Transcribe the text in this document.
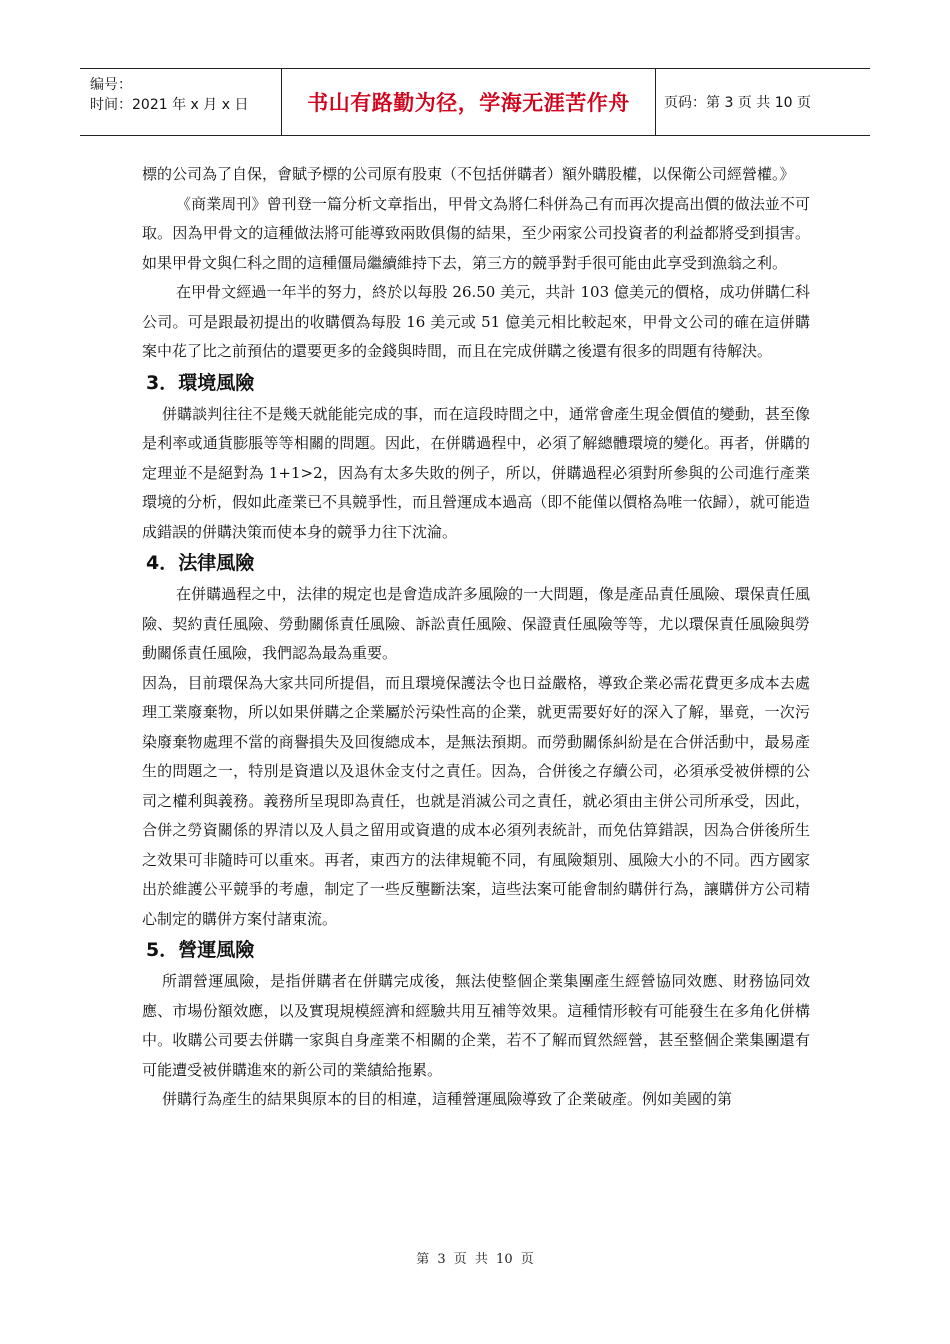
编号：
时间：2021 年 x 月 x 日	书山有路勤为径，学海无涯苦作舟	页码：第 3 页 共 10 页

標的公司為了自保，會賦予標的公司原有股東（不包括併購者）額外購股權，以保衛公司經營權。》

《商業周刊》曾刊登一篇分析文章指出，甲骨文為將仁科併為己有而再次提高出價的做法並不可取。因為甲骨文的這種做法將可能導致兩敗俱傷的結果，至少兩家公司投資者的利益都將受到損害。如果甲骨文與仁科之間的這種僵局繼續維持下去，第三方的競爭對手很可能由此享受到漁翁之利。

在甲骨文經過一年半的努力，終於以每股 26.50 美元，共計 103 億美元的價格，成功併購仁科公司。可是跟最初提出的收購價為每股 16 美元或 51 億美元相比較起來，甲骨文公司的確在這併購案中花了比之前預估的還要更多的金錢與時間，而且在完成併購之後還有很多的問題有待解決。

3．環境風險

併購談判往往不是幾天就能能完成的事，而在這段時間之中，通常會產生現金價值的變動，甚至像是利率或通貨膨脹等等相關的問題。因此，在併購過程中，必須了解總體環境的變化。再者，併購的定理並不是絕對為 1+1>2，因為有太多失敗的例子，所以，併購過程必須對所參與的公司進行產業環境的分析，假如此產業已不具競爭性，而且營運成本過高（即不能僅以價格為唯一依歸），就可能造成錯誤的併購決策而使本身的競爭力往下沈淪。

4．法律風險

在併購過程之中，法律的規定也是會造成許多風險的一大問題，像是產品責任風險、環保責任風險、契約責任風險、勞動關係責任風險、訴訟責任風險、保證責任風險等等，尤以環保責任風險與勞動關係責任風險，我們認為最為重要。

因為，目前環保為大家共同所提倡，而且環境保護法令也日益嚴格，導致企業必需花費更多成本去處理工業廢棄物，所以如果併購之企業屬於污染性高的企業，就更需要好好的深入了解，畢竟，一次污染廢棄物處理不當的商譽損失及回復總成本，是無法預期。而勞動關係糾紛是在合併活動中，最易產生的問題之一，特別是資遣以及退休金支付之責任。因為，合併後之存續公司，必須承受被併標的公司之權利與義務。義務所呈現即為責任，也就是消滅公司之責任，就必須由主併公司所承受，因此，合併之勞資關係的界清以及人員之留用或資遣的成本必須列表統計，而免估算錯誤，因為合併後所生之效果可非隨時可以重來。再者，東西方的法律規範不同，有風險類別、風險大小的不同。西方國家出於維護公平競爭的考慮，制定了一些反壟斷法案，這些法案可能會制約購併行為，讓購併方公司精心制定的購併方案付諸東流。

5．營運風險

所謂營運風險，是指併購者在併購完成後，無法使整個企業集團產生經營協同效應、財務協同效應、市場份額效應，以及實現規模經濟和經驗共用互補等效果。這種情形較有可能發生在多角化併構中。收購公司要去併購一家與自身產業不相關的企業，若不了解而貿然經營，甚至整個企業集團還有可能遭受被併購進來的新公司的業績給拖累。

併購行為產生的結果與原本的目的相違，這種營運風險導致了企業破產。例如美國的第

第 3 页 共 10 页
